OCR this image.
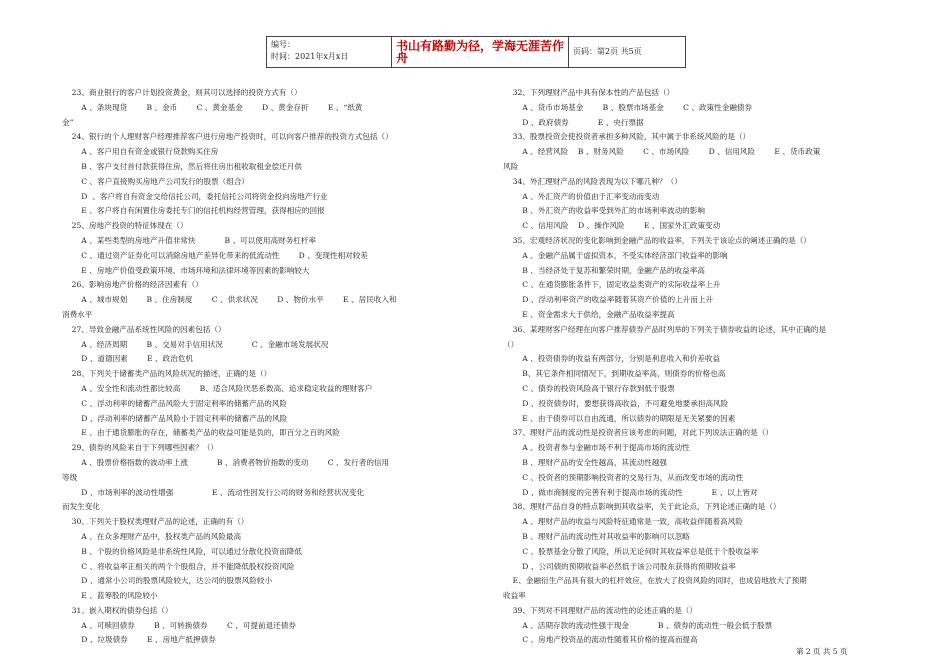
编号：
时间：2021年x月x日
书山有路勤为径，学海无涯苦作舟	页码：第2页 共5页
23、商业银行的客户计划投资黄金，则其可以选择的投资方式有（）
A 、条块现货        B 、金币        C 、黄金基金        D 、黄金存折        E 、“纸黄
金”
24、银行的个人理财客户经理推荐客户进行房地产投资时，可以向客户推荐的投资方式包括（）
A 、客户用自有资金或银行贷款购买住房
B 、客户支付首付款获得住房，然后将住房出租收取租金偿还月供
C 、客户直接购买房地产公司发行的股票（组合）
D  、客户将自有资金交给信托公司，委托信托公司将资金投向房地产行业
E 、客户将自有闲置住房委托专门的信托机构经营管理，获得相应的回报
25、房地产投资的特征体现在（）
A 、某些类型的房地产升值非常快            B 、可以使用高财务杠杆率
C 、通过资产证券化可以消除房地产差异化带来的低流动性        D 、变现性相对较差
E 、房地产价值受政策环境、市场环境和法律环境等因素的影响较大
26、影响房地产价格的经济因素有（）
A 、城市规划        B 、住房制度        C 、供求状况        D 、物价水平        E 、居民收入和
消费水平
27、导致金融产品系统性风险的因素包括（）
A 、经济周期        B 、交易对手信用状况            C 、金融市场发展状况
D 、道德因素        E 、政治危机
28、下列关于储蓄类产品的风险状况的描述，正确的是（）
A 、安全性和流动性都比较高        B、适合风险厌恶系数高、追求稳定收益的理财客户
C 、浮动利率的储蓄产品风险大于固定利率的储蓄产品的风险
D 、浮动利率的储蓄产品风险小于固定利率的储蓄产品的风险
E 、由于通货膨胀的存在，储蓄类产品的收益可能是负的，即百分之百的风险
29、债券的风险来自于下列哪些因素？（）
A 、股票价格指数的波动率上涨            B 、消费者物价指数的变动        C 、发行者的信用
等级
D 、市场利率的波动性增强                E 、流动性因发行公司的财务和经营状况变化
而发生变化
30、下列关于股权类理财产品的论述，正确的有（）
A 、在众多理财产品中，股权类产品的风险最高
B 、个股的价格风险是非系统性风险，可以通过分散化投资而降低
C 、将收益率正相关的两个个股组合，并不能降低股权投资风险
D 、通常小公司的股票风险较大，达公司的股票风险较小
E 、蓝筹股的风险较小
31、嵌入期权的债券包括（）
A 、可赎回债券        B 、可转换债券        C 、可提前退还债券
D 、垃圾债券        E 、房地产抵押债券
32、下列理财产品中具有保本性的产品包括（）
A 、货币市场基金        B 、股票市场基金        C 、政策性金融债券
D 、政府债券            E 、央行票据
33、股票投资会使投资者承担多种风险，其中属于非系统风险的是（）
A 、经营风险    B 、财务风险        C 、市场风险        D 、信用风险        E 、货币政策
风险
34、外汇理财产品的风险表现为以下哪几种？（）
A 、外汇资产的价值由于汇率变动而变动
B 、外汇资产的收益率受到外汇的市场利率波动的影响
C 、信用风险    D 、操作风险        E 、国家外汇政策变动
35、宏观经济状况的变化影响到金融产品的收益率，下列关于该论点的阐述正确的是（）
A 、金融产品属于虚拟资本，不受实体经济部门收益率的影响
B 、当经济处于复苏和繁荣时期，金融产品的收益率高
C 、在通货膨胀条件下，固定收益类资产的实际收益率上升
D 、浮动利率资产的收益率随着其资产价值的上升而上升
E 、资金需求大于供给，金融产品收益率提高
36、某理财客户经理在向客户推荐债券产品时列举的下列关于债券收益的论述，其中正确的是
（）
A 、投资债券的收益有两部分，分别是利息收入和价差收益
B、其它条件相同情况下，到期收益率高，则债券的价格也高
C 、债券的投资风险高于银行存款到低于股票
D 、投资债券时，要想获得高收益，不可避免地要承担高风险
E 、由于债券可以自由流通，所以债券的期限是无关紧要的因素
37、理财产品的流动性是投资者应该考虑的问题，对此下列说法正确的是（）
A 、投资者参与金融市场不利于提高市场的流动性
B 、理财产品的安全性越高，其流动性越强
C 、投资者的预期影响投资者的交易行为，从而改变市场的流动性
D 、做市商制度的完善有利于提高市场的流动性            E 、以上皆对
38、理财产品自身的特点影响到其收益率，关于此论点，下列论述正确的是（）
A 、理财产品的收益与风险特征通常是一致，高收益伴随着高风险
B 、理财产品的流动性对其收益率的影响可以忽略
C 、股票基金分散了风险，所以无论何时其收益率总是低于个股收益率
D 、公司债的预期收益率必然低于该公司股东获得的预期收益率
E、金融衍生产品具有很大的杠杆效应，在放大了投资风险的同时，也成倍地放大了预期
收益率
39、下列对不同理财产品的流动性的论述正确的是（）
A 、活期存款的流动性强于现金            B 、债券的流动性一般会低于股票
C 、房地产投资品的流动性随着其价格的提高而提高
第 2 页 共 5 页
